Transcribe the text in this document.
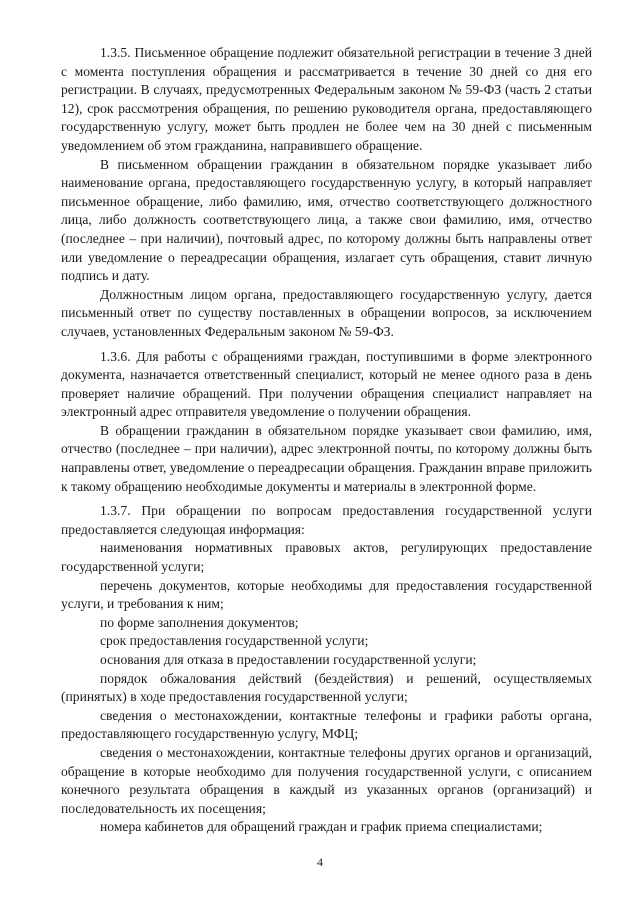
1.3.5. Письменное обращение подлежит обязательной регистрации в течение 3 дней с момента поступления обращения и рассматривается в течение 30 дней со дня его регистрации. В случаях, предусмотренных Федеральным законом № 59-ФЗ (часть 2 статьи 12), срок рассмотрения обращения, по решению руководителя органа, предоставляющего государственную услугу, может быть продлен не более чем на 30 дней с письменным уведомлением об этом гражданина, направившего обращение.

В письменном обращении гражданин в обязательном порядке указывает либо наименование органа, предоставляющего государственную услугу, в который направляет письменное обращение, либо фамилию, имя, отчество соответствующего должностного лица, либо должность соответствующего лица, а также свои фамилию, имя, отчество (последнее – при наличии), почтовый адрес, по которому должны быть направлены ответ или уведомление о переадресации обращения, излагает суть обращения, ставит личную подпись и дату.

Должностным лицом органа, предоставляющего государственную услугу, дается письменный ответ по существу поставленных в обращении вопросов, за исключением случаев, установленных Федеральным законом № 59-ФЗ.

1.3.6. Для работы с обращениями граждан, поступившими в форме электронного документа, назначается ответственный специалист, который не менее одного раза в день проверяет наличие обращений. При получении обращения специалист направляет на электронный адрес отправителя уведомление о получении обращения.

В обращении гражданин в обязательном порядке указывает свои фамилию, имя, отчество (последнее – при наличии), адрес электронной почты, по которому должны быть направлены ответ, уведомление о переадресации обращения. Гражданин вправе приложить к такому обращению необходимые документы и материалы в электронной форме.

1.3.7. При обращении по вопросам предоставления государственной услуги предоставляется следующая информация:

наименования нормативных правовых актов, регулирующих предоставление государственной услуги;

перечень документов, которые необходимы для предоставления государственной услуги, и требования к ним;

по форме заполнения документов;

срок предоставления государственной услуги;

основания для отказа в предоставлении государственной услуги;

порядок обжалования действий (бездействия) и решений, осуществляемых (принятых) в ходе предоставления государственной услуги;

сведения о местонахождении, контактные телефоны и графики работы органа, предоставляющего государственную услугу, МФЦ;

сведения о местонахождении, контактные телефоны других органов и организаций, обращение в которые необходимо для получения государственной услуги, с описанием конечного результата обращения в каждый из указанных органов (организаций) и последовательность их посещения;

номера кабинетов для обращений граждан и график приема специалистами;

4
